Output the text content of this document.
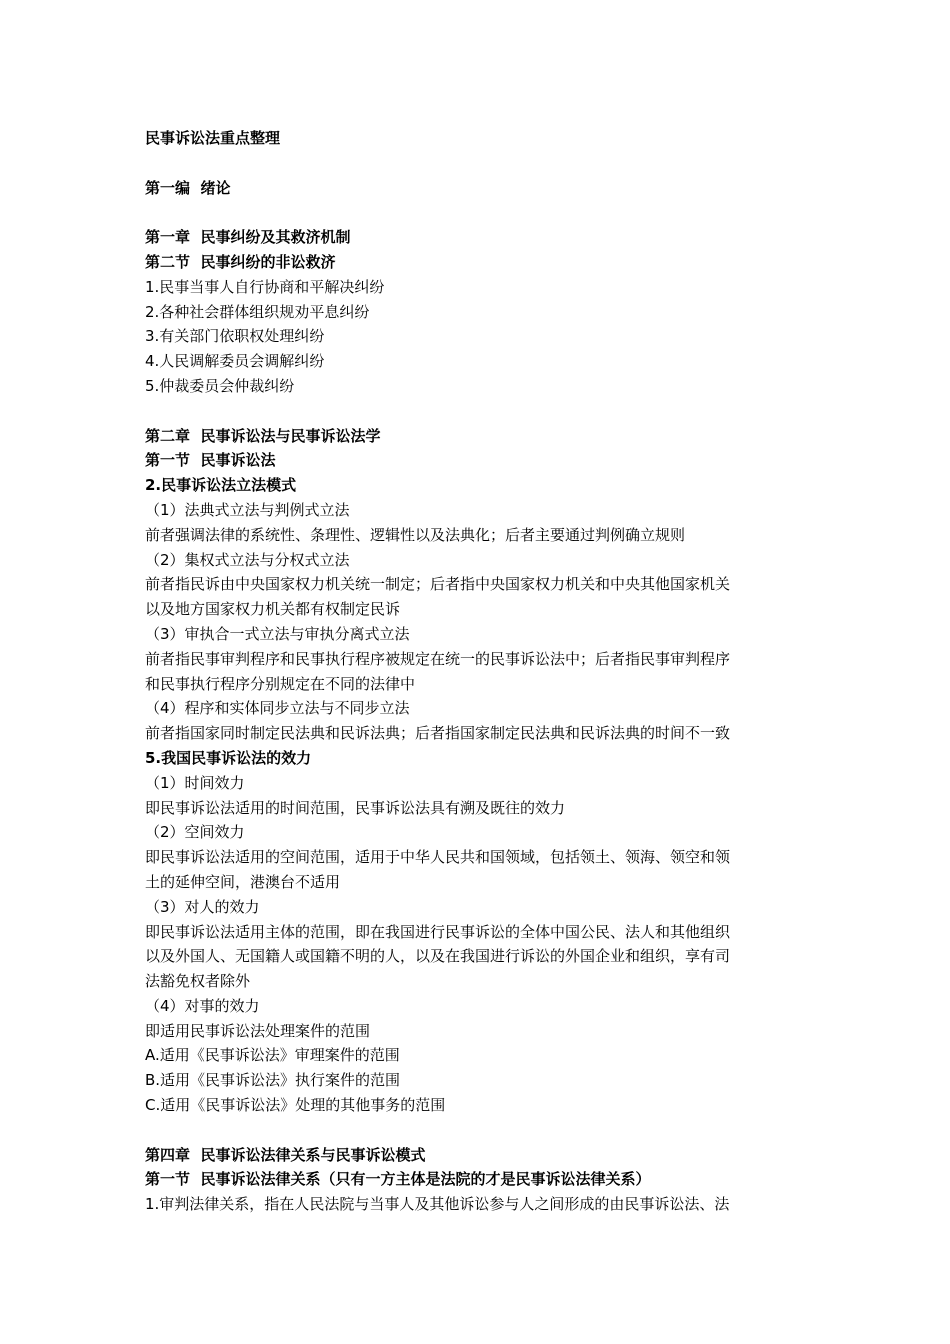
民事诉讼法重点整理
第一编  绪论
第一章  民事纠纷及其救济机制
第二节  民事纠纷的非讼救济
1.民事当事人自行协商和平解决纠纷
2.各种社会群体组织规劝平息纠纷
3.有关部门依职权处理纠纷
4.人民调解委员会调解纠纷
5.仲裁委员会仲裁纠纷
第二章  民事诉讼法与民事诉讼法学
第一节  民事诉讼法
2.民事诉讼法立法模式
（1）法典式立法与判例式立法
前者强调法律的系统性、条理性、逻辑性以及法典化；后者主要通过判例确立规则
（2）集权式立法与分权式立法
前者指民诉由中央国家权力机关统一制定；后者指中央国家权力机关和中央其他国家机关
以及地方国家权力机关都有权制定民诉
（3）审执合一式立法与审执分离式立法
前者指民事审判程序和民事执行程序被规定在统一的民事诉讼法中；后者指民事审判程序
和民事执行程序分别规定在不同的法律中
（4）程序和实体同步立法与不同步立法
前者指国家同时制定民法典和民诉法典；后者指国家制定民法典和民诉法典的时间不一致
5.我国民事诉讼法的效力
（1）时间效力
即民事诉讼法适用的时间范围，民事诉讼法具有溯及既往的效力
（2）空间效力
即民事诉讼法适用的空间范围，适用于中华人民共和国领域，包括领土、领海、领空和领
土的延伸空间，港澳台不适用
（3）对人的效力
即民事诉讼法适用主体的范围，即在我国进行民事诉讼的全体中国公民、法人和其他组织
以及外国人、无国籍人或国籍不明的人，以及在我国进行诉讼的外国企业和组织，享有司
法豁免权者除外
（4）对事的效力
即适用民事诉讼法处理案件的范围
A.适用《民事诉讼法》审理案件的范围
B.适用《民事诉讼法》执行案件的范围
C.适用《民事诉讼法》处理的其他事务的范围
第四章  民事诉讼法律关系与民事诉讼模式
第一节  民事诉讼法律关系（只有一方主体是法院的才是民事诉讼法律关系）
1.审判法律关系，指在人民法院与当事人及其他诉讼参与人之间形成的由民事诉讼法、法
